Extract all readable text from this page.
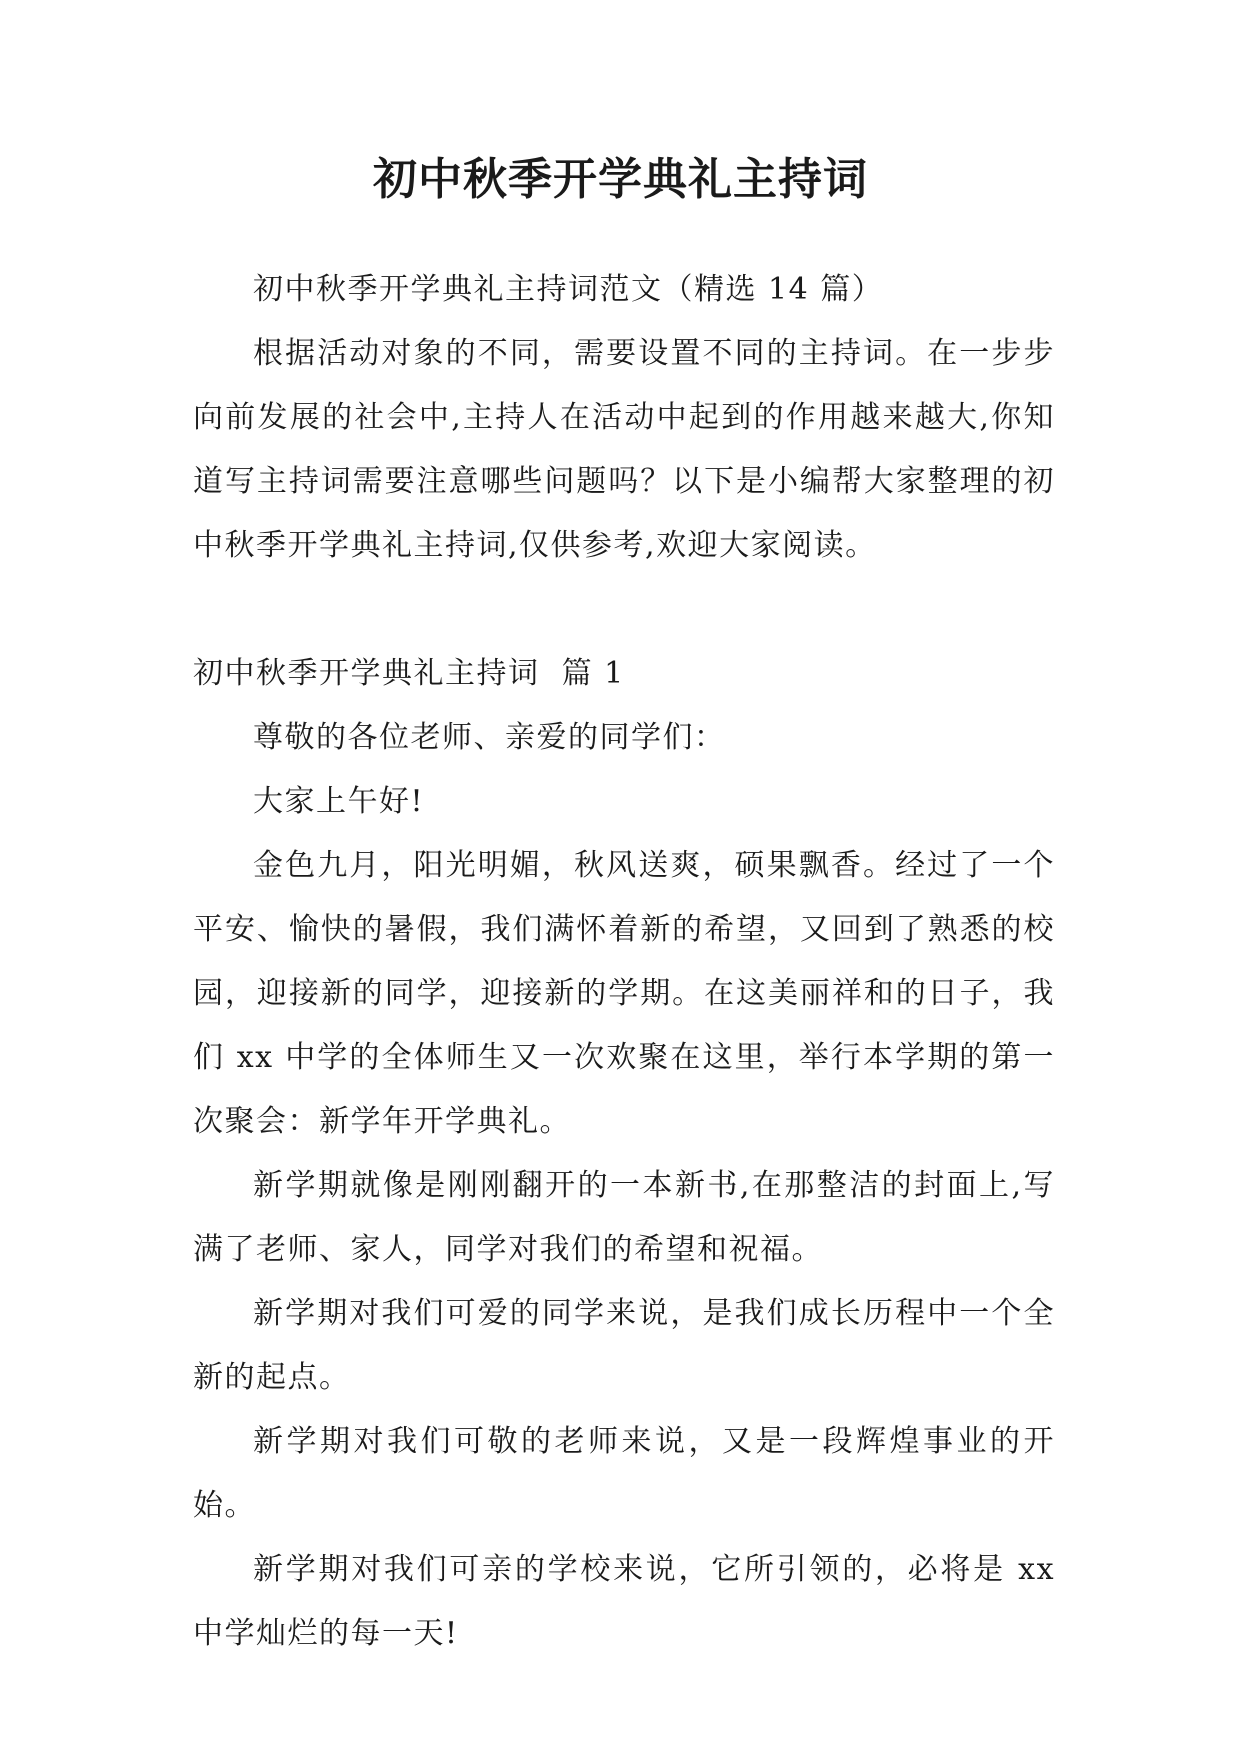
初中秋季开学典礼主持词

初中秋季开学典礼主持词范文（精选 14 篇）

根据活动对象的不同，需要设置不同的主持词。在一步步向前发展的社会中,主持人在活动中起到的作用越来越大,你知道写主持词需要注意哪些问题吗？以下是小编帮大家整理的初中秋季开学典礼主持词,仅供参考,欢迎大家阅读。

初中秋季开学典礼主持词  篇 1

尊敬的各位老师、亲爱的同学们：

大家上午好!

金色九月，阳光明媚，秋风送爽，硕果飘香。经过了一个平安、愉快的暑假，我们满怀着新的希望，又回到了熟悉的校园，迎接新的同学，迎接新的学期。在这美丽祥和的日子，我们 xx 中学的全体师生又一次欢聚在这里，举行本学期的第一次聚会：新学年开学典礼。

新学期就像是刚刚翻开的一本新书,在那整洁的封面上,写满了老师、家人，同学对我们的希望和祝福。

新学期对我们可爱的同学来说，是我们成长历程中一个全新的起点。

新学期对我们可敬的老师来说，又是一段辉煌事业的开始。

新学期对我们可亲的学校来说，它所引领的，必将是 xx 中学灿烂的每一天!
